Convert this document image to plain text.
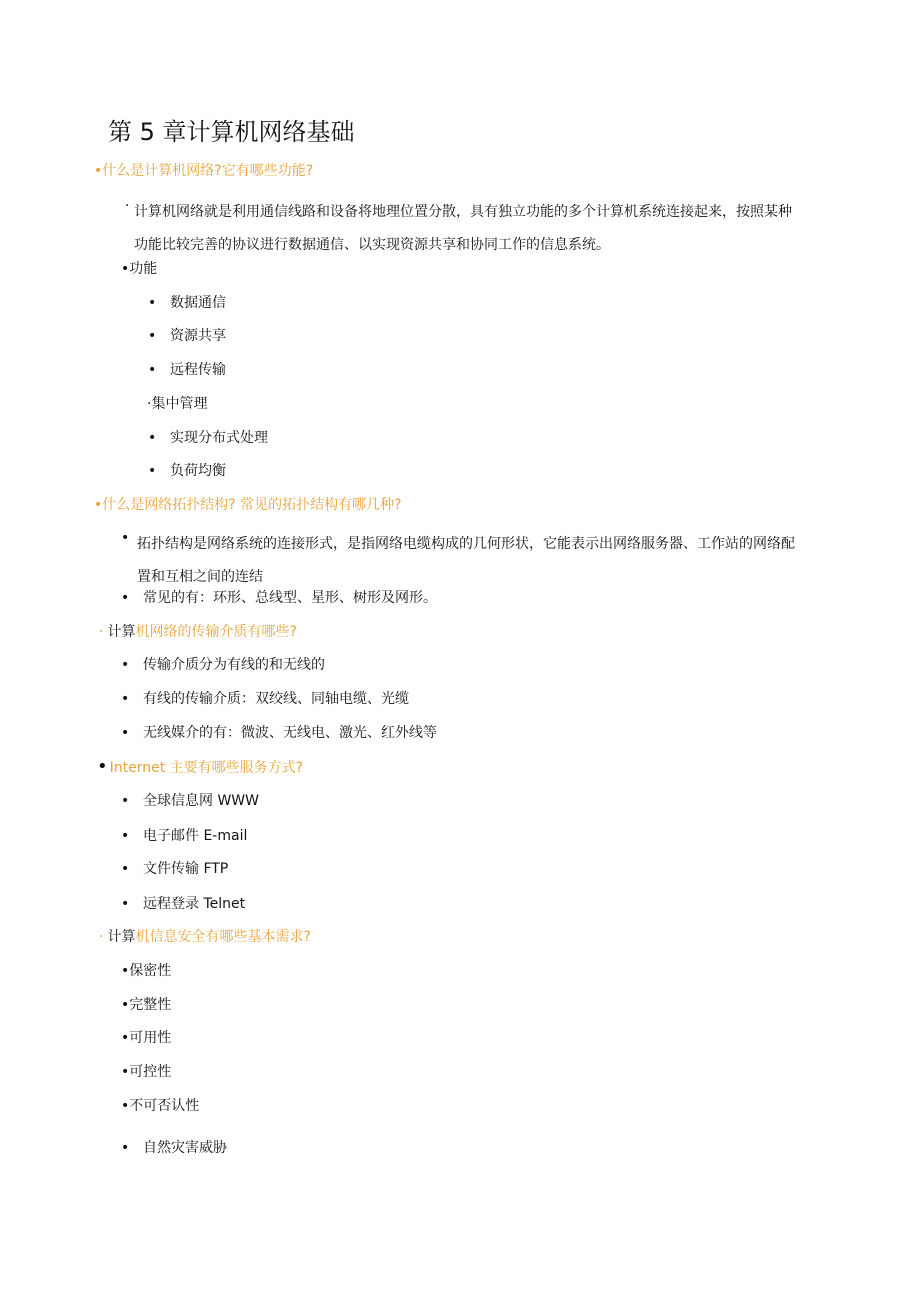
第 5 章计算机网络基础
•什么是计算机网络?它有哪些功能?
· 计算机网络就是利用通信线路和设备将地理位置分散，具有独立功能的多个计算机系统连接起来，按照某种功能比较完善的协议进行数据通信、以实现资源共享和协同工作的信息系统。
•功能
• 数据通信
• 资源共享
• 远程传输
·集中管理
• 实现分布式处理
• 负荷均衡
•什么是网络拓扑结构? 常见的拓扑结构有哪几种?
• 拓扑结构是网络系统的连接形式，是指网络电缆构成的几何形状，它能表示出网络服务器、工作站的网络配置和互相之间的连结
• 常见的有：环形、总线型、星形、树形及网形。
· 计算机网络的传输介质有哪些?
• 传输介质分为有线的和无线的
• 有线的传输介质：双绞线、同轴电缆、光缆
• 无线媒介的有：微波、无线电、激光、红外线等
• Internet 主要有哪些服务方式?
• 全球信息网 WWW
• 电子邮件 E-mail
• 文件传输 FTP
• 远程登录 Telnet
· 计算机信息安全有哪些基本需求?
•保密性
•完整性
•可用性
•可控性
•不可否认性
• 自然灾害威胁
